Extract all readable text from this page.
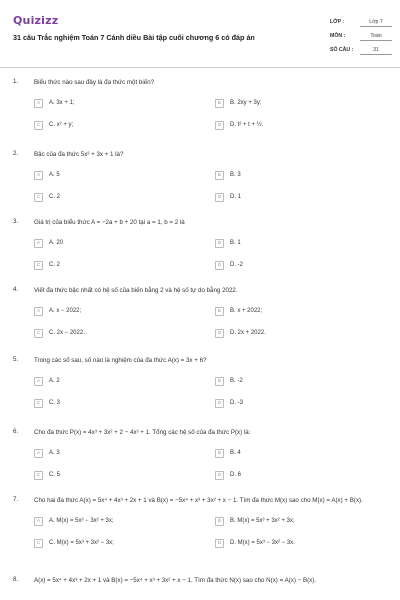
Quizizz
31 câu Trắc nghiệm Toán 7 Cánh diều Bài tập cuối chương 6 có đáp án
LỚP :	Lớp 7
MÔN :	Toán
SỐ CÂU :	31
1.	Biểu thức nào sau đây là đa thức một biến?
A	A. 3x + 1;	B	B. 2xy + 3y;
C	C. x² + y;	D	D. t² + t + ½.
2.	Bậc của đa thức 5x² + 3x + 1 là?
A	A. 5	B	B. 3
C	C. 2	D	D. 1
3.	Giá trị của biểu thức A = −2a + b + 20 tại a = 1, b = 2 là
A	A. 20	B	B. 1
C	C. 2	D	D. -2
4.	Viết đa thức bậc nhất có hệ số của biến bằng 2 và hệ số tự do bằng 2022.
A	A. x − 2022;	B	B. x + 2022;
C	C. 2x − 2022.	D	D. 2x + 2022.
5.	Trong các số sau, số nào là nghiệm của đa thức A(x) = 3x + 6?
A	A. 2	B	B. -2
C	C. 3	D	D. -3
6.	Cho đa thức P(x) = 4x³ + 3x² + 2 − 4x³ + 1. Tổng các hệ số của đa thức P(x) là:
A	A. 3	B	B. 4
C	C. 5	D	D. 6
7.	Cho hai đa thức A(x) = 5x⁴ + 4x³ + 2x + 1 và B(x) = −5x⁴ + x³ + 3x² + x − 1. Tìm đa thức M(x) sao cho M(x) = A(x) + B(x).
A	A. M(x) = 5x³ − 3x² + 3x;	B	B. M(x) = 5x³ + 3x² + 3x;
C	C. M(x) = 5x³ + 3x² − 3x;	D	D. M(x) = 5x³ − 3x² − 3x.
8.	A(x) = 5x⁴ + 4x³ + 2x + 1 và B(x) = −5x⁴ + x³ + 3x² + x − 1. Tìm đa thức N(x) sao cho N(x) = A(x) − B(x).
